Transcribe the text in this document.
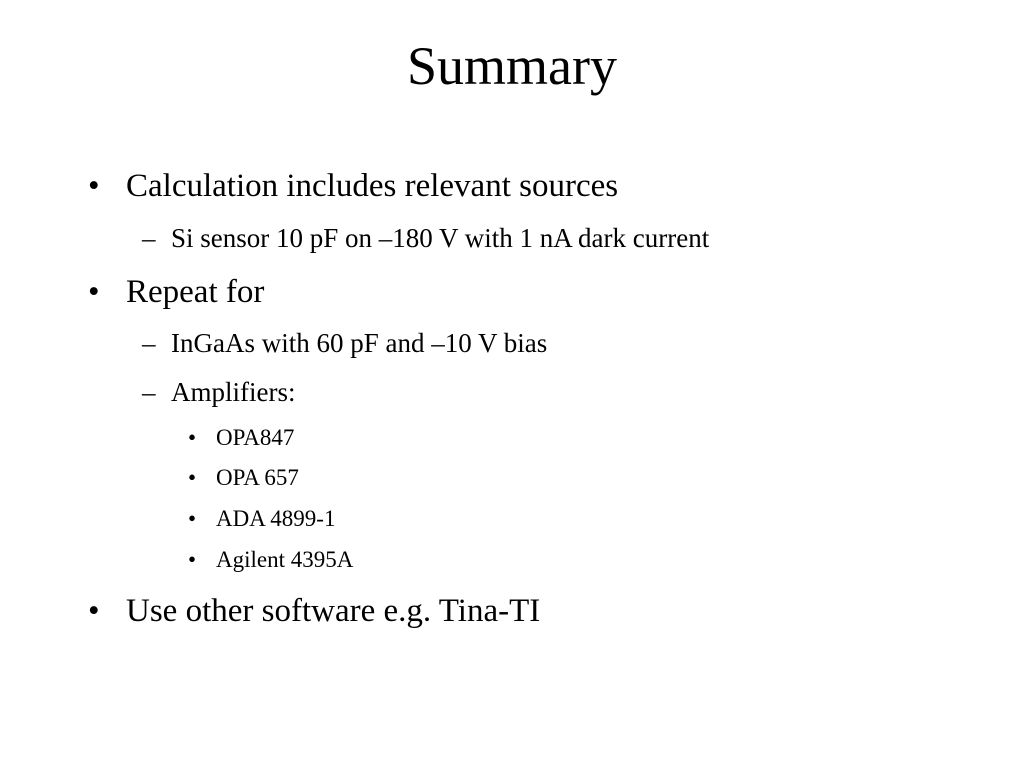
Summary
• Calculation includes relevant sources
– Si sensor 10 pF on –180 V with 1 nA dark current
• Repeat for
– InGaAs with 60 pF and –10 V bias
– Amplifiers:
• OPA847
• OPA 657
• ADA 4899-1
• Agilent 4395A
• Use other software e.g. Tina-TI
